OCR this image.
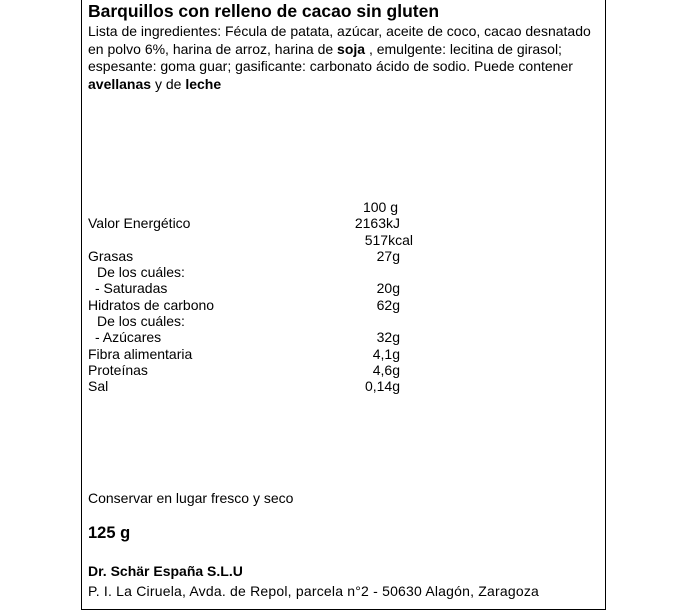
Barquillos con relleno de cacao sin gluten
Lista de ingredientes: Fécula de patata, azúcar, aceite de coco, cacao desnatado en polvo 6%, harina de arroz, harina de soja , emulgente: lecitina de girasol; espesante: goma guar; gasificante: carbonato ácido de sodio. Puede contener avellanas y de leche
100 g
Valor Energético	2163kJ
517kcal
Grasas	27g
De los cuáles:
- Saturadas	20g
Hidratos de carbono	62g
De los cuáles:
- Azúcares	32g
Fibra alimentaria	4,1g
Proteínas	4,6g
Sal	0,14g
Conservar en lugar fresco y seco
125 g
Dr. Schär España S.L.U
P. I. La Ciruela, Avda. de Repol, parcela n°2 - 50630 Alagón, Zaragoza
